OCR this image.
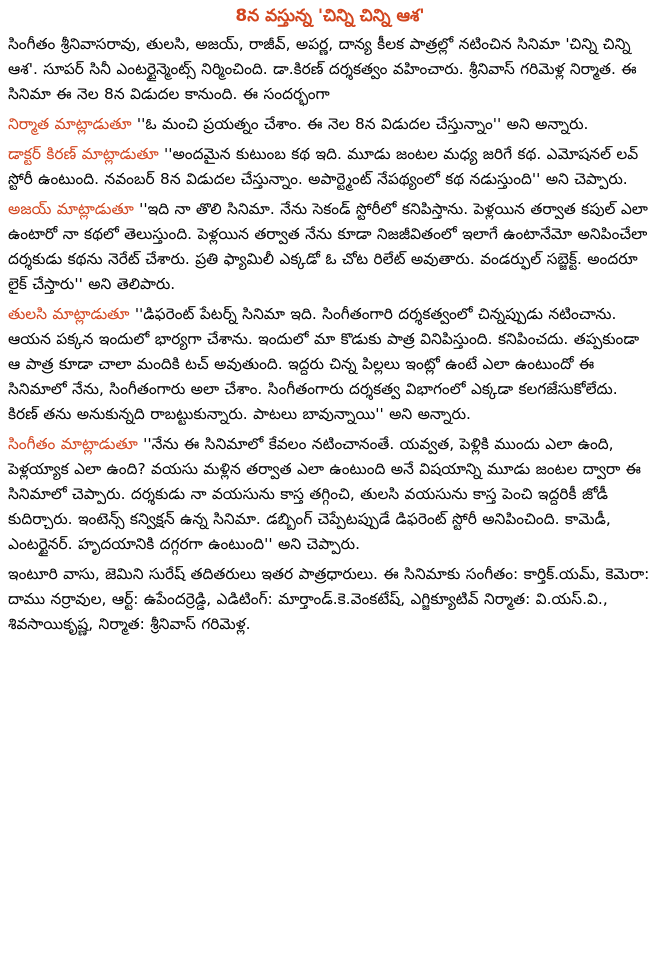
8న వస్తున్న 'చిన్ని చిన్ని ఆశ'

సింగీతం శ్రీనివాసరావు, తులసి, అజయ్, రాజీవ్, అపర్ణ, దాన్య కీలక పాత్రల్లో నటించిన సినిమా 'చిన్ని చిన్ని ఆశ'. సూపర్ సినీ ఎంటర్టైన్మెంట్స్ నిర్మించింది. డా.కిరణ్ దర్శకత్వం వహించారు. శ్రీనివాస్ గరిమెళ్ల నిర్మాత. ఈ సినిమా ఈ నెల 8న విడుదల కానుంది. ఈ సందర్భంగా

నిర్మాత మాట్లాడుతూ ''ఓ మంచి ప్రయత్నం చేశాం. ఈ నెల 8న విడుదల చేస్తున్నాం'' అని అన్నారు.

డాక్టర్ కిరణ్ మాట్లాడుతూ ''అందమైన కుటుంబ కథ ఇది. మూడు జంటల మధ్య జరిగే కథ. ఎమోషనల్ లవ్ స్టోరీ ఉంటుంది. నవంబర్ 8న విడుదల చేస్తున్నాం. అపార్ట్మెంట్ నేపథ్యంలో కథ నడుస్తుంది'' అని చెప్పారు.

అజయ్ మాట్లాడుతూ ''ఇది నా తొలి సినిమా. నేను సెకండ్ స్టోరీలో కనిపిస్తాను. పెళ్లయిన తర్వాత కపుల్ ఎలా ఉంటారో నా కథలో తెలుస్తుంది. పెళ్లయిన తర్వాత నేను కూడా నిజజీవితంలో ఇలాగే ఉంటానేమో అనిపించేలా దర్శకుడు కథను నెరేట్ చేశారు. ప్రతి ఫ్యామిలీ ఎక్కడో ఓ చోట రిలేట్ అవుతారు. వండర్ఫుల్ సబ్జెక్ట్. అందరూ లైక్ చేస్తారు'' అని తెలిపారు.

తులసి మాట్లాడుతూ ''డిఫరెంట్ పేటర్న్ సినిమా ఇది. సింగీతంగారి దర్శకత్వంలో చిన్నప్పుడు నటించాను. ఆయన పక్కన ఇందులో భార్యగా చేశాను. ఇందులో మా కొడుకు పాత్ర వినిపిస్తుంది. కనిపించదు. తప్పకుండా ఆ పాత్ర కూడా చాలా మందికి టచ్ అవుతుంది. ఇద్దరు చిన్న పిల్లలు ఇంట్లో ఉంటే ఎలా ఉంటుందో ఈ సినిమాలో నేను, సింగీతంగారు అలా చేశాం. సింగీతంగారు దర్శకత్వ విభాగంలో ఎక్కడా కలగజేసుకోలేదు. కిరణ్ తను అనుకున్నది రాబట్టుకున్నారు. పాటలు బావున్నాయి'' అని అన్నారు.

సింగీతం మాట్లాడుతూ ''నేను ఈ సినిమాలో కేవలం నటించానంతే. యవ్వత, పెళ్లికి ముందు ఎలా ఉంది, పెళ్లయ్యాక ఎలా ఉంది? వయసు మళ్లిన తర్వాత ఎలా ఉంటుంది అనే విషయాన్ని మూడు జంటల ద్వారా ఈ సినిమాలో చెప్పారు. దర్శకుడు నా వయసును కాస్త తగ్గించి, తులసి వయసును కాస్త పెంచి ఇద్దరికీ జోడీ కుదిర్చారు. ఇంటెన్స్ కన్విక్షన్ ఉన్న సినిమా. డబ్బింగ్ చెప్పేటప్పుడే డిఫరెంట్ స్టోరీ అనిపించింది. కామెడీ, ఎంటర్టైనర్. హృదయానికి దగ్గరగా ఉంటుంది'' అని చెప్పారు.

ఇంటూరి వాసు, జెమిని సురేష్ తదితరులు ఇతర పాత్రధారులు. ఈ సినిమాకు సంగీతం: కార్తిక్.యమ్, కెమెరా: దాము నర్రావుల, ఆర్ట్: ఉపేందర్రెడ్డి, ఎడిటింగ్: మార్తాండ్.కె.వెంకటేష్, ఎగ్జిక్యూటివ్ నిర్మాత: వి.యస్.వి., శివసాయికృష్ణ, నిర్మాత: శ్రీనివాస్ గరిమెళ్ల.
